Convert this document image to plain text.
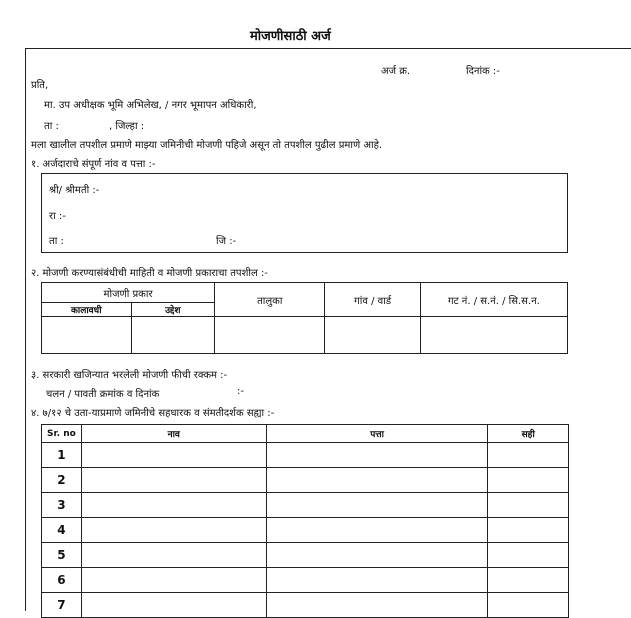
मोजणीसाठी अर्ज
अर्ज क्र.	दिनांक :-
प्रति,
मा. उप अधीक्षक भूमि अभिलेख, / नगर भूमापन अधिकारी,
ता :	, जिल्हा :
मला खालील तपशील प्रमाणे माझ्या जमिनीची मोजणी पहिजे असून तो तपशील पुढील प्रमाणे आहे.
१. अर्जदाराचे संपूर्ण नांव व पत्ता :-
श्री/ श्रीमती :-
रा :-
ता :	जि :-
२. मोजणी करण्यासंबंधीची माहिती व मोजणी प्रकाराचा तपशील :-
मोजणी प्रकार		तालुका	गांव / वार्ड	गट नं. / स.नं. / सि.स.न.
कालावधी	उद्देश			

३. सरकारी खजिन्यात भरलेली मोजणी फीची रक्कम :-
चलन / पावती क्रमांक व दिनांक	:-
४. ७/१२ चे उता-याप्रमाणे जमिनीचे सहधारक व संमतीदर्शक सह्या :-
Sr. no	नाव	पत्ता	सही
1			
2			
3			
4			
5			
6			
7			
